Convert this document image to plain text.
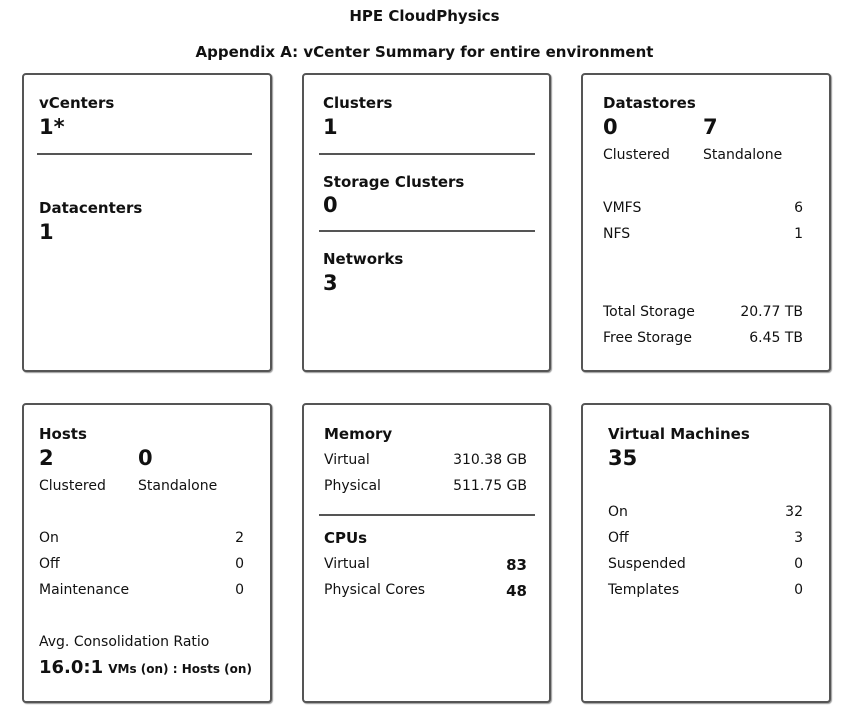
HPE CloudPhysics
Appendix A: vCenter Summary for entire environment
vCenters
1*
Datacenters
1
Clusters
1
Storage Clusters
0
Networks
3
Datastores
0	7
Clustered Standalone
VMFS	6
NFS	1
Total Storage	20.77 TB
Free Storage	6.45 TB
Hosts
2	0
Clustered Standalone
On	2
Off	0
Maintenance	0
Avg. Consolidation Ratio
16.0:1 VMs (on) : Hosts (on)
Memory
Virtual	310.38 GB
Physical	511.75 GB
CPUs
Virtual	83
Physical Cores	48
Virtual Machines
35
On	32
Off	3
Suspended	0
Templates	0
